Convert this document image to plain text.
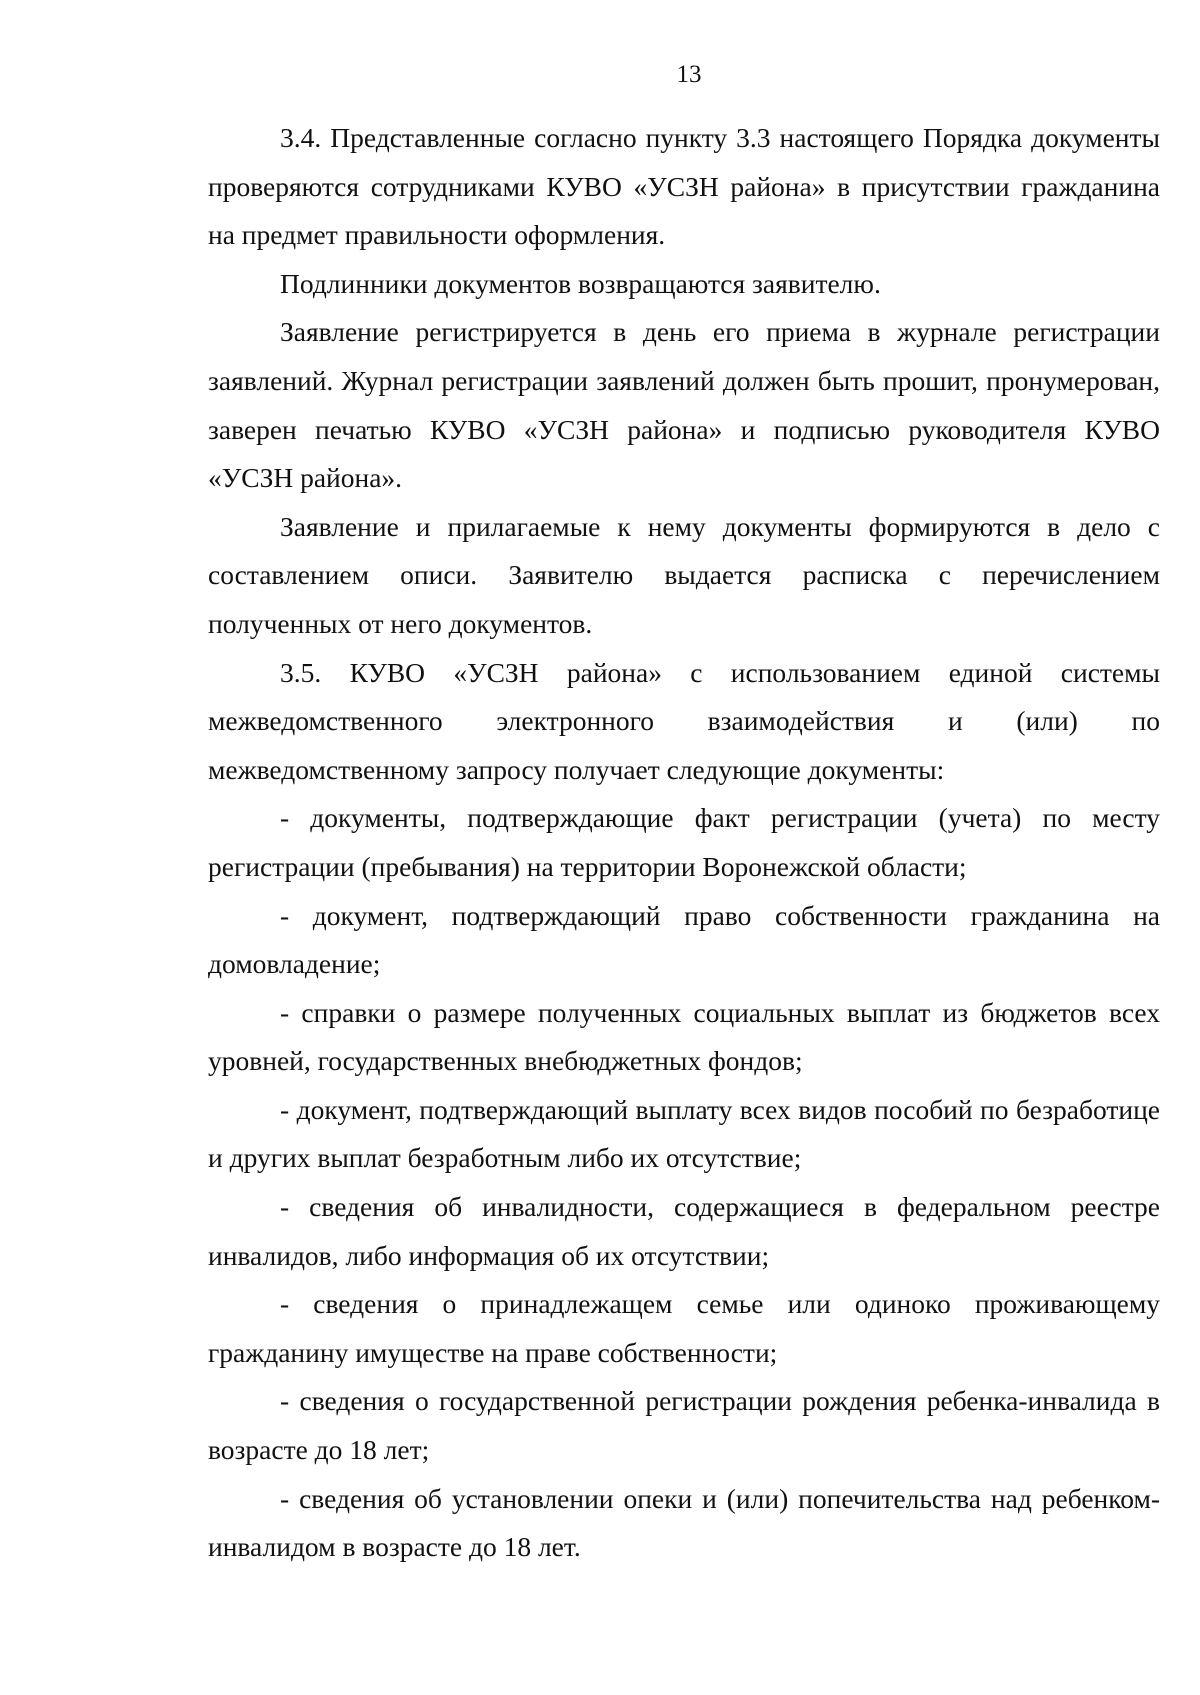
13

3.4. Представленные согласно пункту 3.3 настоящего Порядка документы проверяются сотрудниками КУВО «УСЗН района» в присутствии гражданина на предмет правильности оформления.

Подлинники документов возвращаются заявителю.

Заявление регистрируется в день его приема в журнале регистрации заявлений. Журнал регистрации заявлений должен быть прошит, пронумерован, заверен печатью КУВО «УСЗН района» и подписью руководителя КУВО «УСЗН района».

Заявление и прилагаемые к нему документы формируются в дело с составлением описи. Заявителю выдается расписка с перечислением полученных от него документов.

3.5. КУВО «УСЗН района» с использованием единой системы межведомственного электронного взаимодействия и (или) по межведомственному запросу получает следующие документы:

- документы, подтверждающие факт регистрации (учета) по месту регистрации (пребывания) на территории Воронежской области;

- документ, подтверждающий право собственности гражданина на домовладение;

- справки о размере полученных социальных выплат из бюджетов всех уровней, государственных внебюджетных фондов;

- документ, подтверждающий выплату всех видов пособий по безработице и других выплат безработным либо их отсутствие;

- сведения об инвалидности, содержащиеся в федеральном реестре инвалидов, либо информация об их отсутствии;

- сведения о принадлежащем семье или одиноко проживающему гражданину имуществе на праве собственности;

- сведения о государственной регистрации рождения ребенка-инвалида в возрасте до 18 лет;

- сведения об установлении опеки и (или) попечительства над ребенком-инвалидом в возрасте до 18 лет.
